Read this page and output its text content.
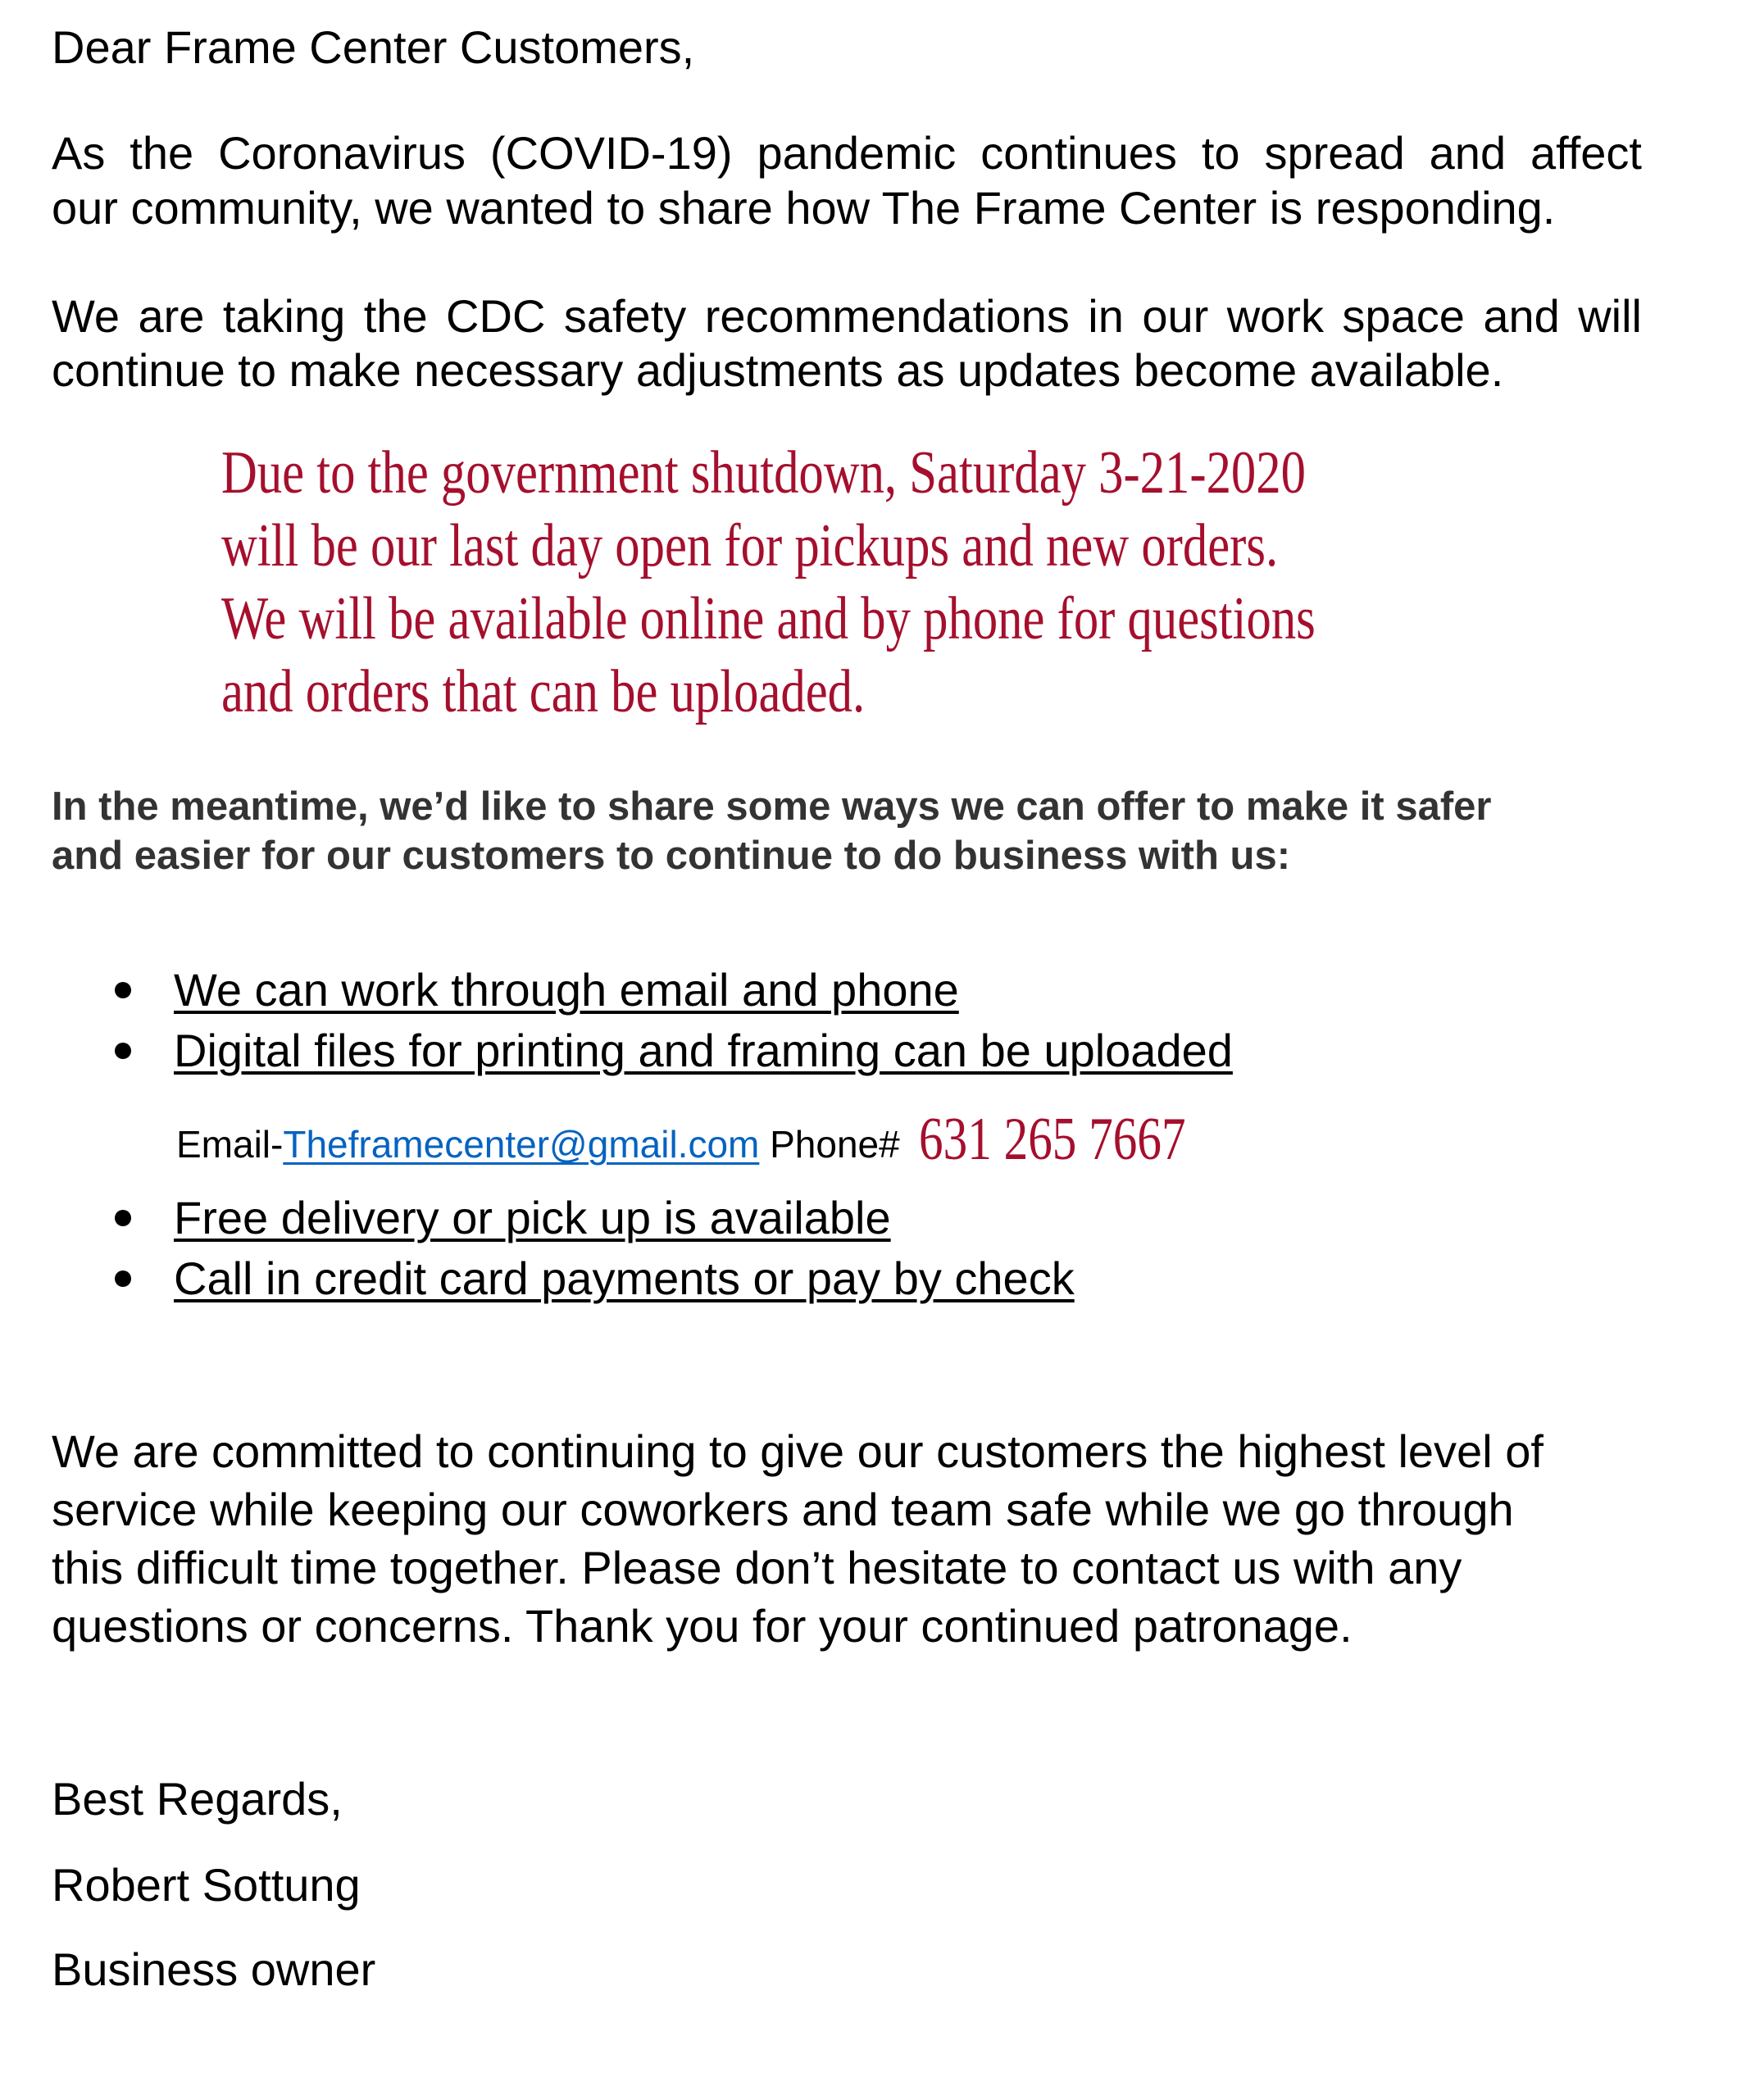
Dear Frame Center Customers,
As the Coronavirus (COVID-19) pandemic continues to spread and affect
our community, we wanted to share how The Frame Center is responding.
We are taking the CDC safety recommendations in our work space and will
continue to make necessary adjustments as updates become available.
Due to the government shutdown, Saturday 3-21-2020
will be our last day open for pickups and new orders.
We will be available online and by phone for questions
and orders that can be uploaded.
In the meantime, we’d like to share some ways we can offer to make it safer
and easier for our customers to continue to do business with us:
We can work through email and phone
Digital files for printing and framing can be uploaded
Email-Theframecenter@gmail.com Phone# 631 265 7667
Free delivery or pick up is available
Call in credit card payments or pay by check
We are committed to continuing to give our customers the highest level of
service while keeping our coworkers and team safe while we go through
this difficult time together. Please don’t hesitate to contact us with any
questions or concerns. Thank you for your continued patronage.
Best Regards,
Robert Sottung
Business owner
